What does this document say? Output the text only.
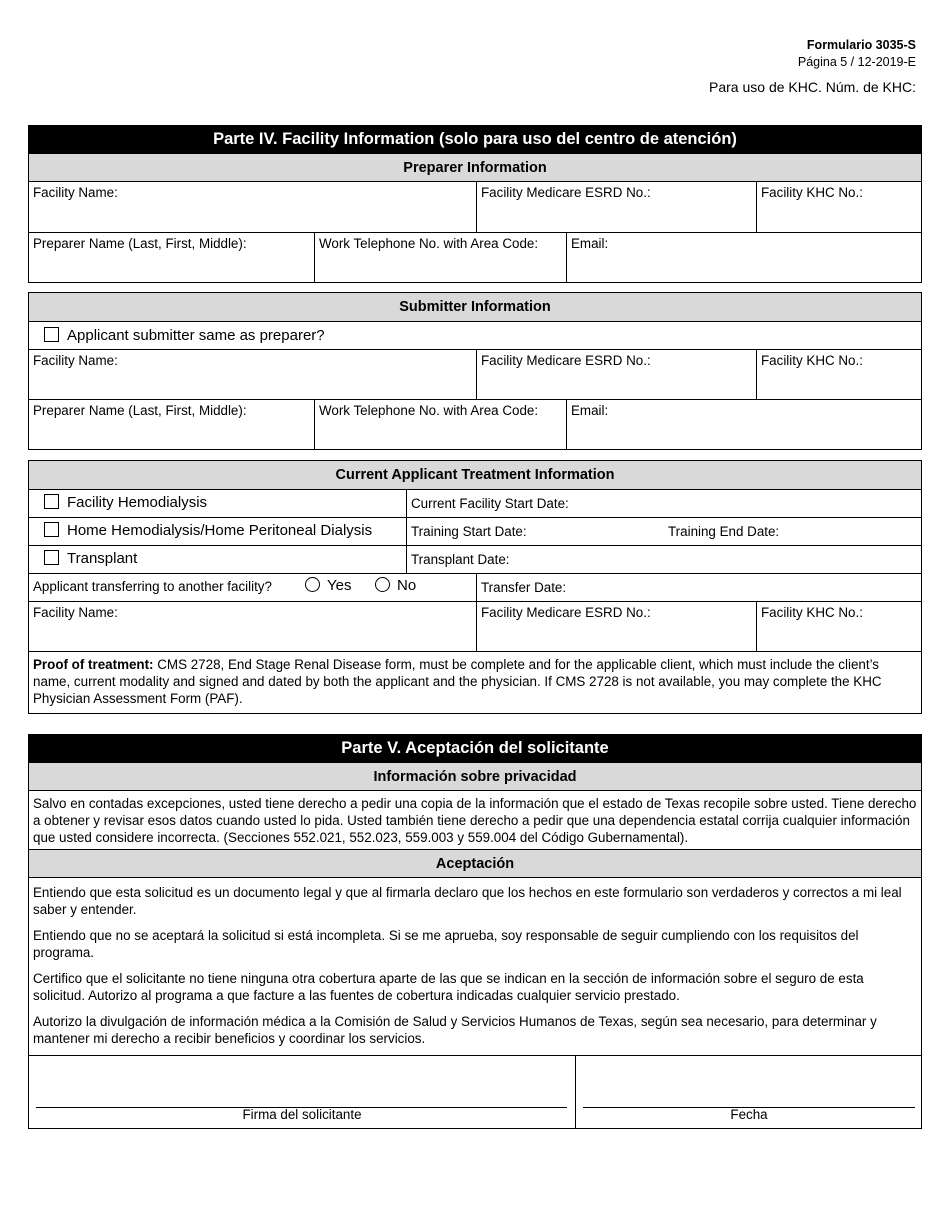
Formulario 3035-S
Página 5 / 12-2019-E
Para uso de KHC. Núm. de KHC:
Parte IV. Facility Information (solo para uso del centro de atención)
Preparer Information
Facility Name:	Facility Medicare ESRD No.:	Facility KHC No.:
Preparer Name (Last, First, Middle):	Work Telephone No. with Area Code:	Email:
Submitter Information
Applicant submitter same as preparer?
Facility Name:	Facility Medicare ESRD No.:	Facility KHC No.:
Preparer Name (Last, First, Middle):	Work Telephone No. with Area Code:	Email:
Current Applicant Treatment Information
Facility Hemodialysis	Current Facility Start Date:
Home Hemodialysis/Home Peritoneal Dialysis	Training Start Date:	Training End Date:
Transplant	Transplant Date:
Applicant transferring to another facility?	Yes	No	Transfer Date:
Facility Name:	Facility Medicare ESRD No.:	Facility KHC No.:
Proof of treatment: CMS 2728, End Stage Renal Disease form, must be complete and for the applicable client, which must include the client’s name, current modality and signed and dated by both the applicant and the physician. If CMS 2728 is not available, you may complete the KHC Physician Assessment Form (PAF).
Parte V. Aceptación del solicitante
Información sobre privacidad
Salvo en contadas excepciones, usted tiene derecho a pedir una copia de la información que el estado de Texas recopile sobre usted. Tiene derecho a obtener y revisar esos datos cuando usted lo pida. Usted también tiene derecho a pedir que una dependencia estatal corrija cualquier información que usted considere incorrecta. (Secciones 552.021, 552.023, 559.003 y 559.004 del Código Gubernamental).
Aceptación

Entiendo que esta solicitud es un documento legal y que al firmarla declaro que los hechos en este formulario son verdaderos y correctos a mi leal saber y entender.

Entiendo que no se aceptará la solicitud si está incompleta. Si se me aprueba, soy responsable de seguir cumpliendo con los requisitos del programa.

Certifico que el solicitante no tiene ninguna otra cobertura aparte de las que se indican en la sección de información sobre el seguro de esta solicitud. Autorizo al programa a que facture a las fuentes de cobertura indicadas cualquier servicio prestado.

Autorizo la divulgación de información médica a la Comisión de Salud y Servicios Humanos de Texas, según sea necesario, para determinar y mantener mi derecho a recibir beneficios y coordinar los servicios.

Firma del solicitante	Fecha
